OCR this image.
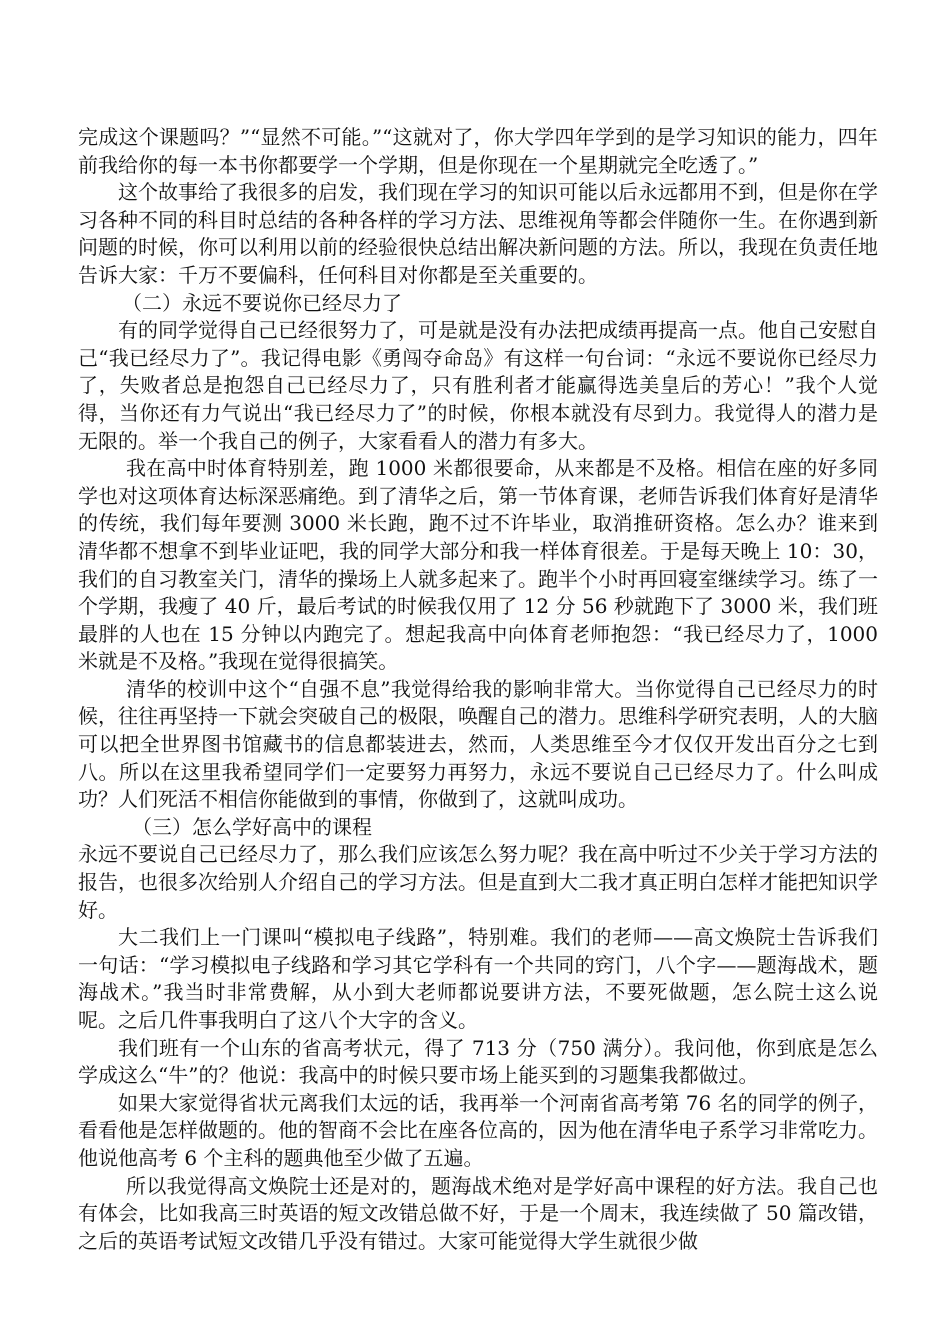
完成这个课题吗？”“显然不可能。”“这就对了，你大学四年学到的是学习知识的能力，四年前我给你的每一本书你都要学一个学期，但是你现在一个星期就完全吃透了。”

这个故事给了我很多的启发，我们现在学习的知识可能以后永远都用不到，但是你在学习各种不同的科目时总结的各种各样的学习方法、思维视角等都会伴随你一生。在你遇到新问题的时候，你可以利用以前的经验很快总结出解决新问题的方法。所以，我现在负责任地告诉大家：千万不要偏科，任何科目对你都是至关重要的。

（二）永远不要说你已经尽力了

有的同学觉得自己已经很努力了，可是就是没有办法把成绩再提高一点。他自己安慰自己“我已经尽力了”。我记得电影《勇闯夺命岛》有这样一句台词：“永远不要说你已经尽力了，失败者总是抱怨自己已经尽力了，只有胜利者才能赢得选美皇后的芳心！”我个人觉得，当你还有力气说出“我已经尽力了”的时候，你根本就没有尽到力。我觉得人的潜力是无限的。举一个我自己的例子，大家看看人的潜力有多大。

我在高中时体育特别差，跑 1000 米都很要命，从来都是不及格。相信在座的好多同学也对这项体育达标深恶痛绝。到了清华之后，第一节体育课，老师告诉我们体育好是清华的传统，我们每年要测 3000 米长跑，跑不过不许毕业，取消推研资格。怎么办？谁来到清华都不想拿不到毕业证吧，我的同学大部分和我一样体育很差。于是每天晚上 10：30，我们的自习教室关门，清华的操场上人就多起来了。跑半个小时再回寝室继续学习。练了一个学期，我瘦了 40 斤，最后考试的时候我仅用了 12 分 56 秒就跑下了 3000 米，我们班最胖的人也在 15 分钟以内跑完了。想起我高中向体育老师抱怨：“我已经尽力了，1000 米就是不及格。”我现在觉得很搞笑。

清华的校训中这个“自强不息”我觉得给我的影响非常大。当你觉得自己已经尽力的时候，往往再坚持一下就会突破自己的极限，唤醒自己的潜力。思维科学研究表明，人的大脑可以把全世界图书馆藏书的信息都装进去，然而，人类思维至今才仅仅开发出百分之七到八。所以在这里我希望同学们一定要努力再努力，永远不要说自己已经尽力了。什么叫成功？人们死活不相信你能做到的事情，你做到了，这就叫成功。

（三）怎么学好高中的课程

永远不要说自己已经尽力了，那么我们应该怎么努力呢？我在高中听过不少关于学习方法的报告，也很多次给别人介绍自己的学习方法。但是直到大二我才真正明白怎样才能把知识学好。

大二我们上一门课叫“模拟电子线路”，特别难。我们的老师——高文焕院士告诉我们一句话：“学习模拟电子线路和学习其它学科有一个共同的窍门，八个字——题海战术，题海战术。”我当时非常费解，从小到大老师都说要讲方法，不要死做题，怎么院士这么说呢。之后几件事我明白了这八个大字的含义。

我们班有一个山东的省高考状元，得了 713 分（750 满分）。我问他，你到底是怎么学成这么“牛”的？他说：我高中的时候只要市场上能买到的习题集我都做过。

如果大家觉得省状元离我们太远的话，我再举一个河南省高考第 76 名的同学的例子，看看他是怎样做题的。他的智商不会比在座各位高的，因为他在清华电子系学习非常吃力。他说他高考 6 个主科的题典他至少做了五遍。

所以我觉得高文焕院士还是对的，题海战术绝对是学好高中课程的好方法。我自己也有体会，比如我高三时英语的短文改错总做不好，于是一个周末，我连续做了 50 篇改错，之后的英语考试短文改错几乎没有错过。大家可能觉得大学生就很少做
